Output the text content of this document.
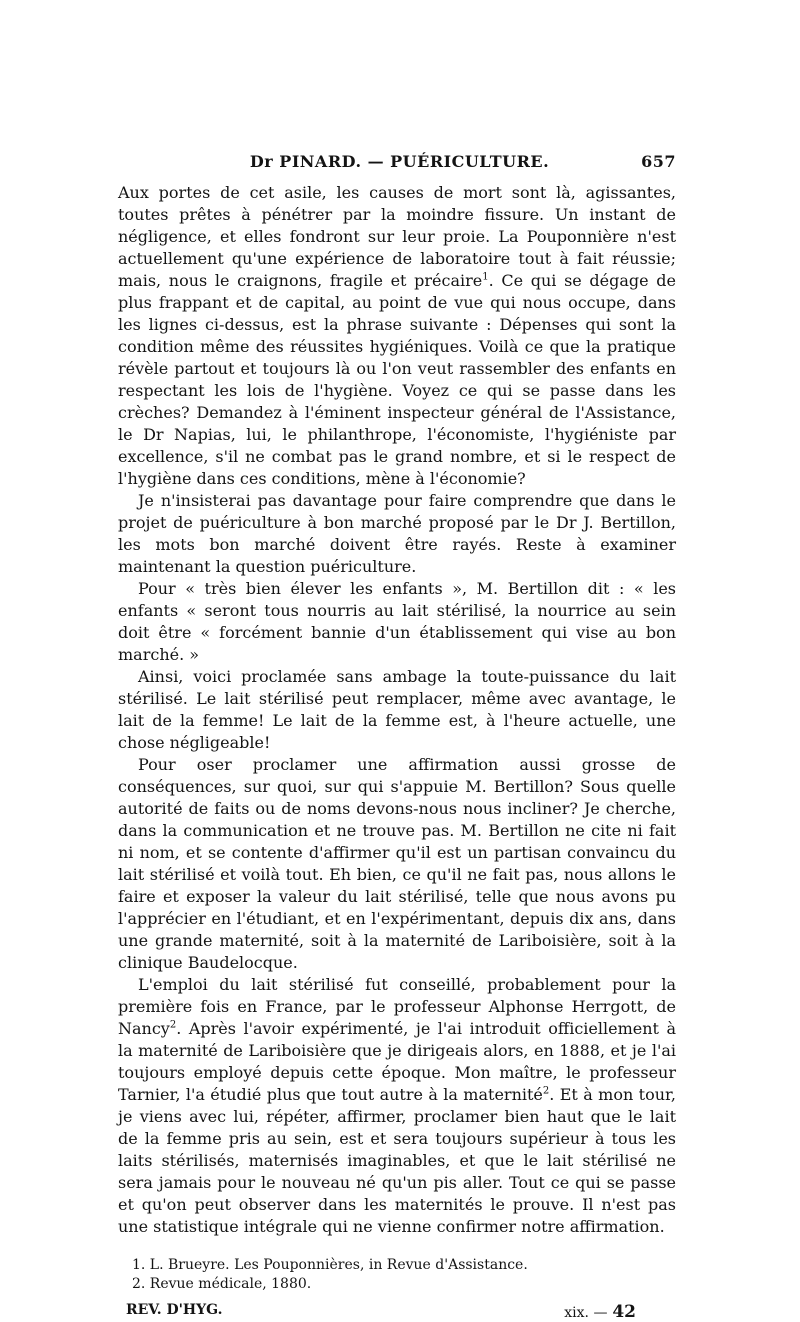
Dr PINARD. — PUÉRICULTURE.	657

Aux portes de cet asile, les causes de mort sont là, agissantes, toutes prêtes à pénétrer par la moindre fissure. Un instant de négligence, et elles fondront sur leur proie. La Pouponnière n'est actuellement qu'une expérience de laboratoire tout à fait réussie; mais, nous le craignons, fragile et précaire$^1$. Ce qui se dégage de plus frappant et de capital, au point de vue qui nous occupe, dans les lignes ci-dessus, est la phrase suivante : Dépenses qui sont la condition même des réussites hygiéniques. Voilà ce que la pratique révèle partout et toujours là ou l'on veut rassembler des enfants en respectant les lois de l'hygiène. Voyez ce qui se passe dans les crèches? Demandez à l'éminent inspecteur général de l'Assistance, le Dr Napias, lui, le philanthrope, l'économiste, l'hygiéniste par excellence, s'il ne combat pas le grand nombre, et si le respect de l'hygiène dans ces conditions, mène à l'économie?

Je n'insisterai pas davantage pour faire comprendre que dans le projet de puériculture à bon marché proposé par le Dr J. Bertillon, les mots bon marché doivent être rayés. Reste à examiner maintenant la question puériculture.

Pour « très bien élever les enfants », M. Bertillon dit : « les enfants « seront tous nourris au lait stérilisé, la nourrice au sein doit être « forcément bannie d'un établissement qui vise au bon marché. »

Ainsi, voici proclamée sans ambage la toute-puissance du lait stérilisé. Le lait stérilisé peut remplacer, même avec avantage, le lait de la femme! Le lait de la femme est, à l'heure actuelle, une chose négligeable!

Pour oser proclamer une affirmation aussi grosse de conséquences, sur quoi, sur qui s'appuie M. Bertillon? Sous quelle autorité de faits ou de noms devons-nous nous incliner? Je cherche, dans la communication et ne trouve pas. M. Bertillon ne cite ni fait ni nom, et se contente d'affirmer qu'il est un partisan convaincu du lait stérilisé et voilà tout. Eh bien, ce qu'il ne fait pas, nous allons le faire et exposer la valeur du lait stérilisé, telle que nous avons pu l'apprécier en l'étudiant, et en l'expérimentant, depuis dix ans, dans une grande maternité, soit à la maternité de Lariboisière, soit à la clinique Baudelocque.

L'emploi du lait stérilisé fut conseillé, probablement pour la première fois en France, par le professeur Alphonse Herrgott, de Nancy$^2$. Après l'avoir expérimenté, je l'ai introduit officiellement à la maternité de Lariboisière que je dirigeais alors, en 1888, et je l'ai toujours employé depuis cette époque. Mon maître, le professeur Tarnier, l'a étudié plus que tout autre à la maternité$^2$. Et à mon tour, je viens avec lui, répéter, affirmer, proclamer bien haut que le lait de la femme pris au sein, est et sera toujours supérieur à tous les laits stérilisés, maternisés imaginables, et que le lait stérilisé ne sera jamais pour le nouveau né qu'un pis aller. Tout ce qui se passe et qu'on peut observer dans les maternités le prouve. Il n'est pas une statistique intégrale qui ne vienne confirmer notre affirmation.

1. L. Brueyre. Les Pouponnières, in Revue d'Assistance.
2. Revue médicale, 1880.
REV. D'HYG.	xix. — 42
